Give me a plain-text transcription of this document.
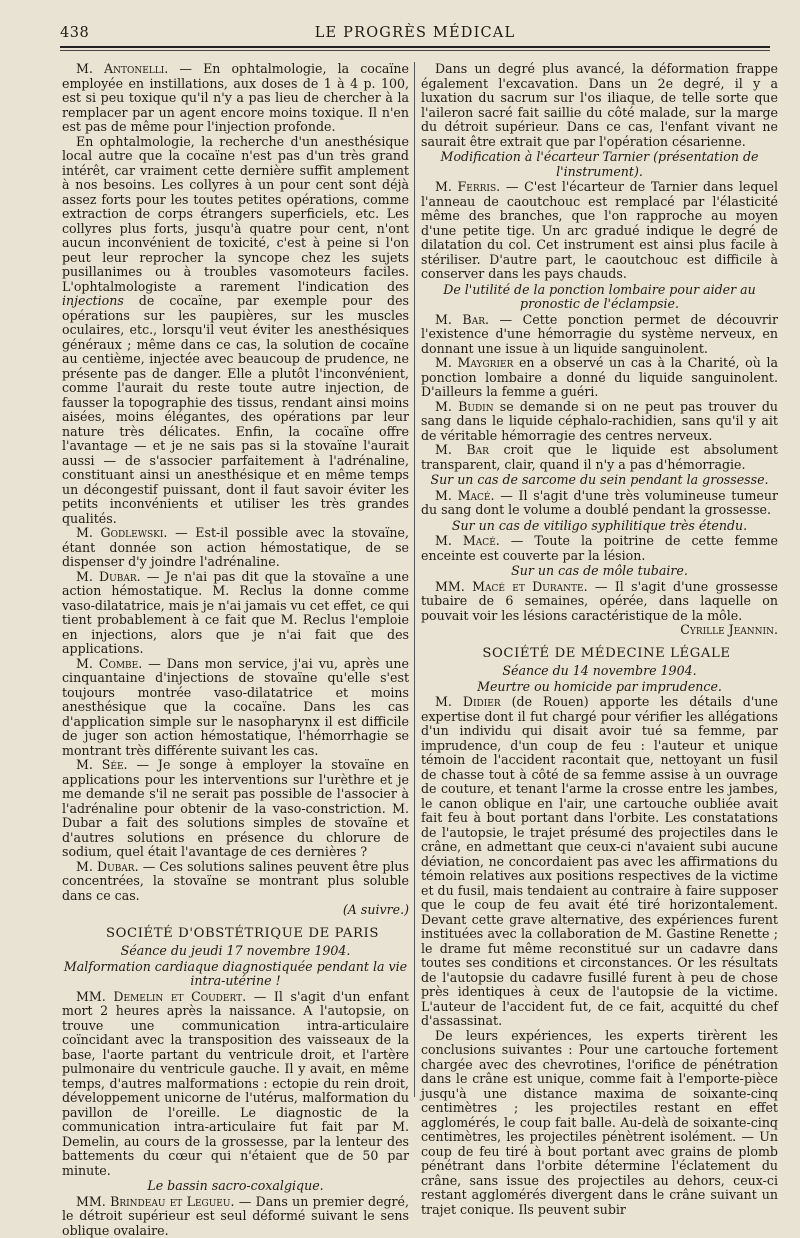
438	LE PROGRÈS MÉDICAL

M. Antonelli. — En ophtalmologie, la cocaïne employée en instillations, aux doses de 1 à 4 p. 100, est si peu toxique qu'il n'y a pas lieu de chercher à la remplacer par un agent encore moins toxique. Il n'en est pas de même pour l'injection profonde.

En ophtalmologie, la recherche d'un anesthésique local autre que la cocaïne n'est pas d'un très grand intérêt, car vraiment cette dernière suffit amplement à nos besoins. Les collyres à un pour cent sont déjà assez forts pour les toutes petites opérations, comme extraction de corps étrangers superficiels, etc. Les collyres plus forts, jusqu'à quatre pour cent, n'ont aucun inconvénient de toxicité, c'est à peine si l'on peut leur reprocher la syncope chez les sujets pusillanimes ou à troubles vasomoteurs faciles. L'ophtalmologiste a rarement l'indication des injections de cocaïne, par exemple pour des opérations sur les paupières, sur les muscles oculaires, etc., lorsqu'il veut éviter les anesthésiques généraux ; même dans ce cas, la solution de cocaïne au centième, injectée avec beaucoup de prudence, ne présente pas de danger. Elle a plutôt l'inconvénient, comme l'aurait du reste toute autre injection, de fausser la topographie des tissus, rendant ainsi moins aisées, moins élégantes, des opérations par leur nature très délicates. Enfin, la cocaïne offre l'avantage — et je ne sais pas si la stovaïne l'aurait aussi — de s'associer parfaitement à l'adrénaline, constituant ainsi un anesthésique et en même temps un décongestif puissant, dont il faut savoir éviter les petits inconvénients et utiliser les très grandes qualités.

M. Godlewski. — Est-il possible avec la stovaïne, étant donnée son action hémostatique, de se dispenser d'y joindre l'adrénaline.

M. Dubar. — Je n'ai pas dit que la stovaïne a une action hémostatique. M. Reclus la donne comme vaso-dilatatrice, mais je n'ai jamais vu cet effet, ce qui tient probablement à ce fait que M. Reclus l'emploie en injections, alors que je n'ai fait que des applications.

M. Combe. — Dans mon service, j'ai vu, après une cinquantaine d'injections de stovaïne qu'elle s'est toujours montrée vaso-dilatatrice et moins anesthésique que la cocaïne. Dans les cas d'application simple sur le nasopharynx il est difficile de juger son action hémostatique, l'hémorrhagie se montrant très différente suivant les cas.

M. Sée. — Je songe à employer la stovaïne en applications pour les interventions sur l'urèthre et je me demande s'il ne serait pas possible de l'associer à l'adrénaline pour obtenir de la vaso-constriction. M. Dubar a fait des solutions simples de stovaïne et d'autres solutions en présence du chlorure de sodium, quel était l'avantage de ces dernières ?

M. Dubar. — Ces solutions salines peuvent être plus concentrées, la stovaïne se montrant plus soluble dans ce cas.

(A suivre.)

SOCIÉTÉ D'OBSTÉTRIQUE DE PARIS

Séance du jeudi 17 novembre 1904.

Malformation cardiaque diagnostiquée pendant la vie intra-utérine !

MM. Demelin et Coudert. — Il s'agit d'un enfant mort 2 heures après la naissance. A l'autopsie, on trouve une communication intra-articulaire coïncidant avec la transposition des vaisseaux de la base, l'aorte partant du ventricule droit, et l'artère pulmonaire du ventricule gauche. Il y avait, en même temps, d'autres malformations : ectopie du rein droit, développement unicorne de l'utérus, malformation du pavillon de l'oreille. Le diagnostic de la communication intra-articulaire fut fait par M. Demelin, au cours de la grossesse, par la lenteur des battements du cœur qui n'étaient que de 50 par minute.

Le bassin sacro-coxalgique.

MM. Brindeau et Legueu. — Dans un premier degré, le détroit supérieur est seul déformé suivant le sens oblique ovalaire.

Dans un degré plus avancé, la déformation frappe également l'excavation. Dans un 2e degré, il y a luxation du sacrum sur l'os iliaque, de telle sorte que l'aileron sacré fait saillie du côté malade, sur la marge du détroit supérieur. Dans ce cas, l'enfant vivant ne saurait être extrait que par l'opération césarienne.

Modification à l'écarteur Tarnier (présentation de l'instrument).

M. Ferris. — C'est l'écarteur de Tarnier dans lequel l'anneau de caoutchouc est remplacé par l'élasticité même des branches, que l'on rapproche au moyen d'une petite tige. Un arc gradué indique le degré de dilatation du col. Cet instrument est ainsi plus facile à stériliser. D'autre part, le caoutchouc est difficile à conserver dans les pays chauds.

De l'utilité de la ponction lombaire pour aider au pronostic de l'éclampsie.

M. Bar. — Cette ponction permet de découvrir l'existence d'une hémorragie du système nerveux, en donnant une issue à un liquide sanguinolent.

M. Maygrier en a observé un cas à la Charité, où la ponction lombaire a donné du liquide sanguinolent. D'ailleurs la femme a guéri.

M. Budin se demande si on ne peut pas trouver du sang dans le liquide céphalo-rachidien, sans qu'il y ait de véritable hémorragie des centres nerveux.

M. Bar croit que le liquide est absolument transparent, clair, quand il n'y a pas d'hémorragie.

Sur un cas de sarcome du sein pendant la grossesse.

M. Macé. — Il s'agit d'une très volumineuse tumeur du sang dont le volume a doublé pendant la grossesse.

Sur un cas de vitiligo syphilitique très étendu.

M. Macé. — Toute la poitrine de cette femme enceinte est couverte par la lésion.

Sur un cas de môle tubaire.

MM. Macé et Durante. — Il s'agit d'une grossesse tubaire de 6 semaines, opérée, dans laquelle on pouvait voir les lésions caractéristique de la môle.

Cyrille Jeannin.

SOCIÉTÉ DE MÉDECINE LÉGALE

Séance du 14 novembre 1904.

Meurtre ou homicide par imprudence.

M. Didier (de Rouen) apporte les détails d'une expertise dont il fut chargé pour vérifier les allégations d'un individu qui disait avoir tué sa femme, par imprudence, d'un coup de feu : l'auteur et unique témoin de l'accident racontait que, nettoyant un fusil de chasse tout à côté de sa femme assise à un ouvrage de couture, et tenant l'arme la crosse entre les jambes, le canon oblique en l'air, une cartouche oubliée avait fait feu à bout portant dans l'orbite. Les constatations de l'autopsie, le trajet présumé des projectiles dans le crâne, en admettant que ceux-ci n'avaient subi aucune déviation, ne concordaient pas avec les affirmations du témoin relatives aux positions respectives de la victime et du fusil, mais tendaient au contraire à faire supposer que le coup de feu avait été tiré horizontalement. Devant cette grave alternative, des expériences furent instituées avec la collaboration de M. Gastine Renette ; le drame fut même reconstitué sur un cadavre dans toutes ses conditions et circonstances. Or les résultats de l'autopsie du cadavre fusillé furent à peu de chose près identiques à ceux de l'autopsie de la victime. L'auteur de l'accident fut, de ce fait, acquitté du chef d'assassinat.

De leurs expériences, les experts tirèrent les conclusions suivantes : Pour une cartouche fortement chargée avec des chevrotines, l'orifice de pénétration dans le crâne est unique, comme fait à l'emporte-pièce jusqu'à une distance maxima de soixante-cinq centimètres ; les projectiles restant en effet agglomérés, le coup fait balle. Au-delà de soixante-cinq centimètres, les projectiles pénètrent isolément. — Un coup de feu tiré à bout portant avec grains de plomb pénétrant dans l'orbite détermine l'éclatement du crâne, sans issue des projectiles au dehors, ceux-ci restant agglomérés divergent dans le crâne suivant un trajet conique. Ils peuvent subir
